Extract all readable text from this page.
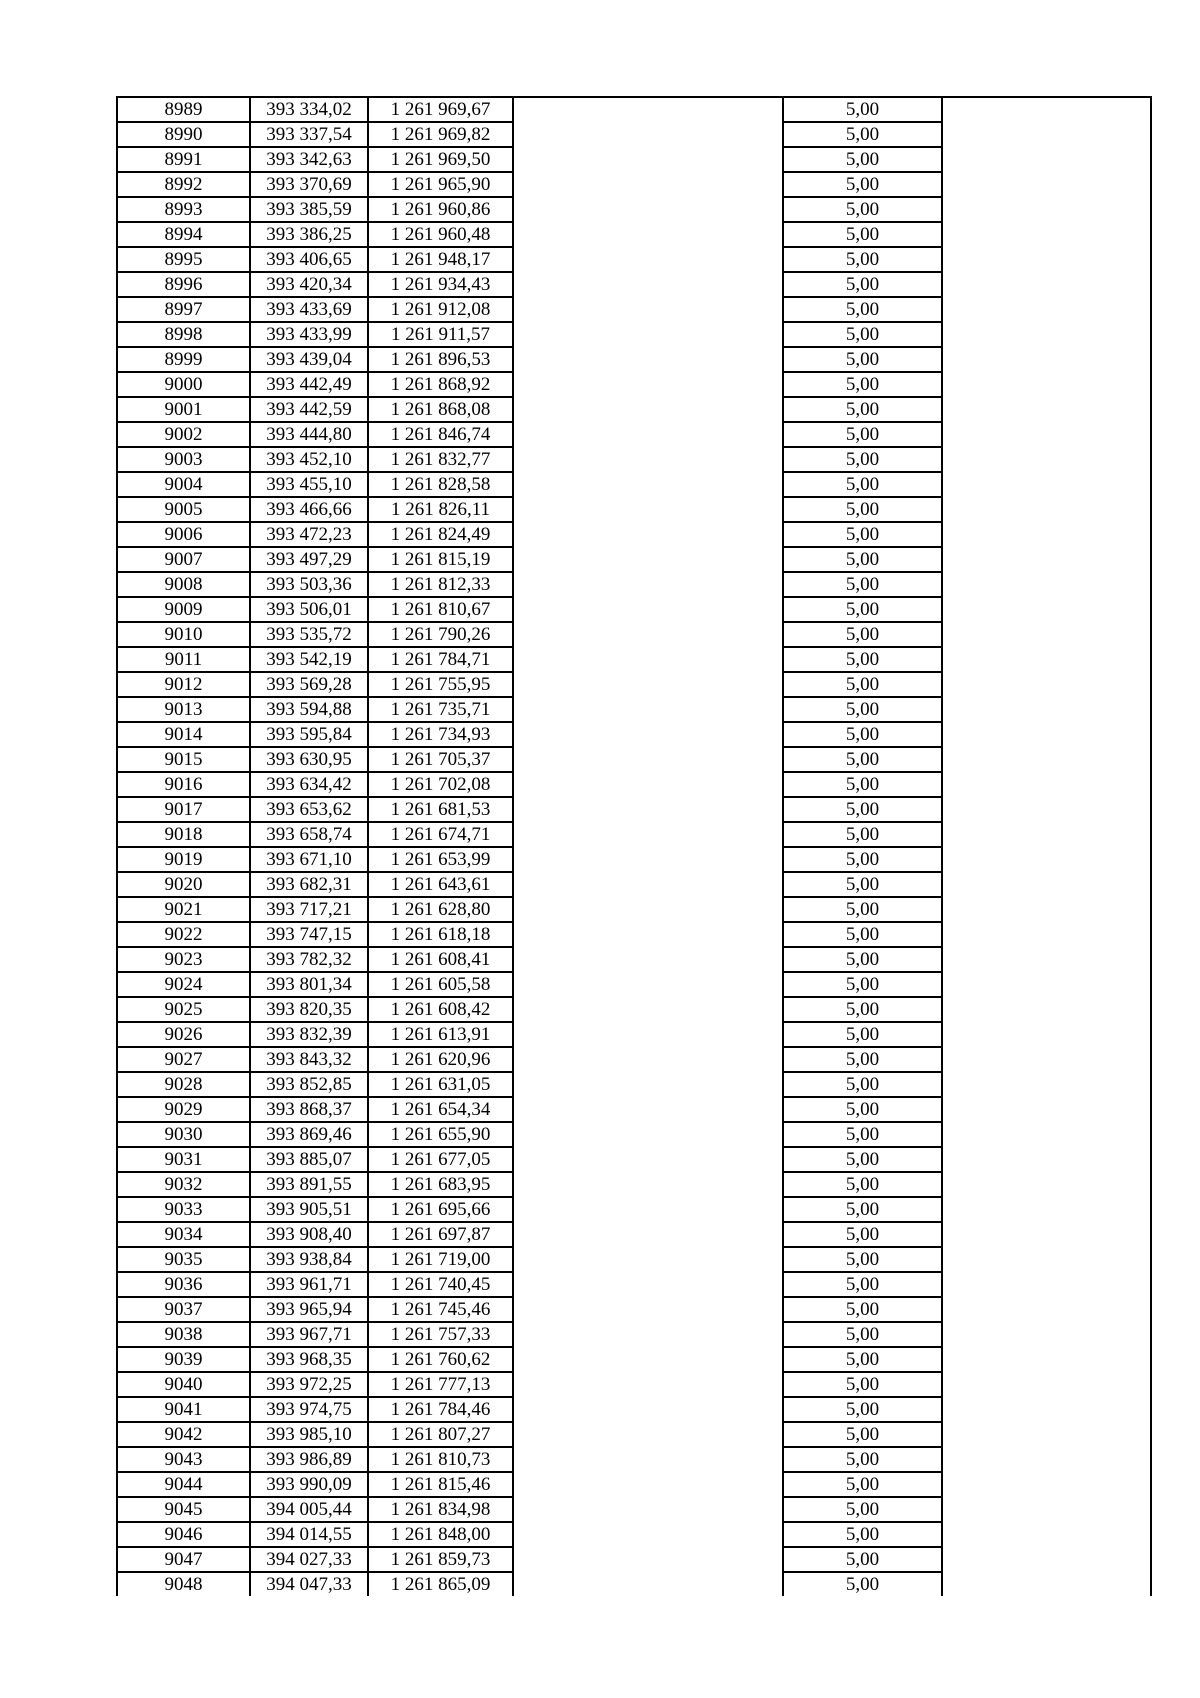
8989	393 334,02	1 261 969,67		5,00	
8990	393 337,54	1 261 969,82		5,00	
8991	393 342,63	1 261 969,50		5,00	
8992	393 370,69	1 261 965,90		5,00	
8993	393 385,59	1 261 960,86		5,00	
8994	393 386,25	1 261 960,48		5,00	
8995	393 406,65	1 261 948,17		5,00	
8996	393 420,34	1 261 934,43		5,00	
8997	393 433,69	1 261 912,08		5,00	
8998	393 433,99	1 261 911,57		5,00	
8999	393 439,04	1 261 896,53		5,00	
9000	393 442,49	1 261 868,92		5,00	
9001	393 442,59	1 261 868,08		5,00	
9002	393 444,80	1 261 846,74		5,00	
9003	393 452,10	1 261 832,77		5,00	
9004	393 455,10	1 261 828,58		5,00	
9005	393 466,66	1 261 826,11		5,00	
9006	393 472,23	1 261 824,49		5,00	
9007	393 497,29	1 261 815,19		5,00	
9008	393 503,36	1 261 812,33		5,00	
9009	393 506,01	1 261 810,67		5,00	
9010	393 535,72	1 261 790,26		5,00	
9011	393 542,19	1 261 784,71		5,00	
9012	393 569,28	1 261 755,95		5,00	
9013	393 594,88	1 261 735,71		5,00	
9014	393 595,84	1 261 734,93		5,00	
9015	393 630,95	1 261 705,37		5,00	
9016	393 634,42	1 261 702,08		5,00	
9017	393 653,62	1 261 681,53		5,00	
9018	393 658,74	1 261 674,71		5,00	
9019	393 671,10	1 261 653,99		5,00	
9020	393 682,31	1 261 643,61		5,00	
9021	393 717,21	1 261 628,80		5,00	
9022	393 747,15	1 261 618,18		5,00	
9023	393 782,32	1 261 608,41		5,00	
9024	393 801,34	1 261 605,58		5,00	
9025	393 820,35	1 261 608,42		5,00	
9026	393 832,39	1 261 613,91		5,00	
9027	393 843,32	1 261 620,96		5,00	
9028	393 852,85	1 261 631,05		5,00	
9029	393 868,37	1 261 654,34		5,00	
9030	393 869,46	1 261 655,90		5,00	
9031	393 885,07	1 261 677,05		5,00	
9032	393 891,55	1 261 683,95		5,00	
9033	393 905,51	1 261 695,66		5,00	
9034	393 908,40	1 261 697,87		5,00	
9035	393 938,84	1 261 719,00		5,00	
9036	393 961,71	1 261 740,45		5,00	
9037	393 965,94	1 261 745,46		5,00	
9038	393 967,71	1 261 757,33		5,00	
9039	393 968,35	1 261 760,62		5,00	
9040	393 972,25	1 261 777,13		5,00	
9041	393 974,75	1 261 784,46		5,00	
9042	393 985,10	1 261 807,27		5,00	
9043	393 986,89	1 261 810,73		5,00	
9044	393 990,09	1 261 815,46		5,00	
9045	394 005,44	1 261 834,98		5,00	
9046	394 014,55	1 261 848,00		5,00	
9047	394 027,33	1 261 859,73		5,00	
9048	394 047,33	1 261 865,09		5,00	
